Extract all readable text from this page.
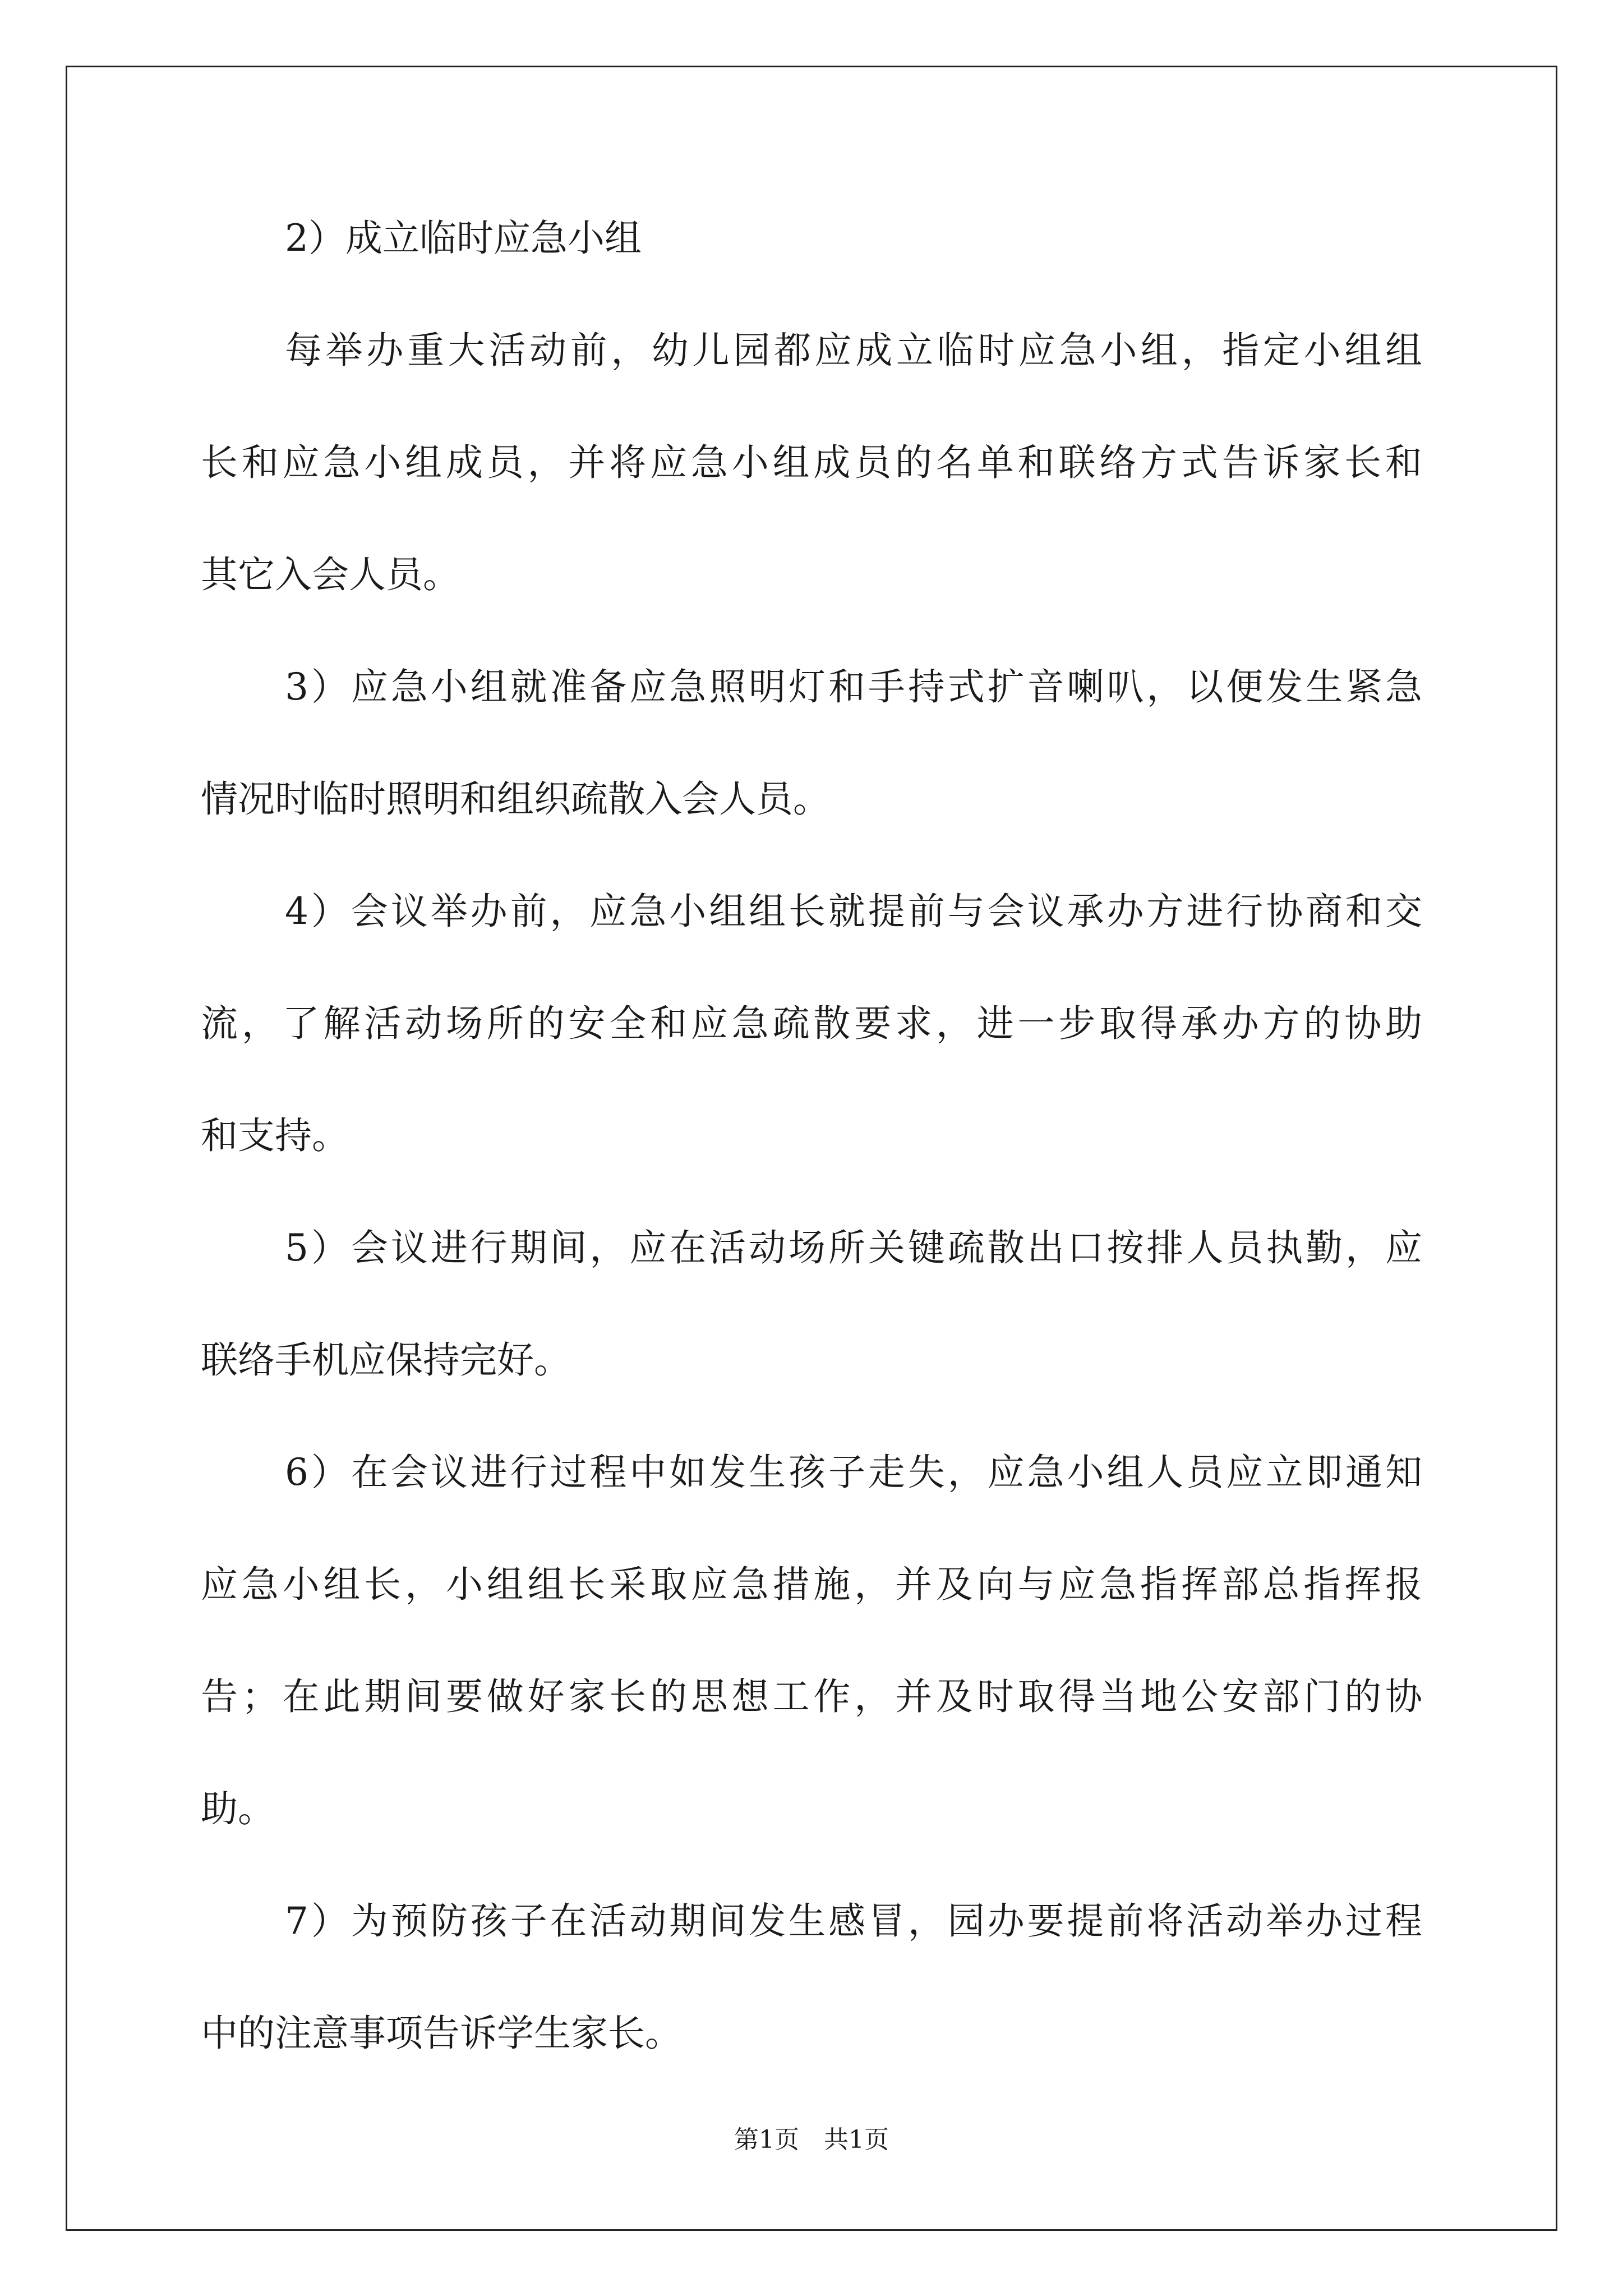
2）成立临时应急小组
每举办重大活动前，幼儿园都应成立临时应急小组，指定小组组
长和应急小组成员，并将应急小组成员的名单和联络方式告诉家长和
其它入会人员。
3）应急小组就准备应急照明灯和手持式扩音喇叭，以便发生紧急
情况时临时照明和组织疏散入会人员。
4）会议举办前，应急小组组长就提前与会议承办方进行协商和交
流，了解活动场所的安全和应急疏散要求，进一步取得承办方的协助
和支持。
5）会议进行期间，应在活动场所关键疏散出口按排人员执勤，应
联络手机应保持完好。
6）在会议进行过程中如发生孩子走失，应急小组人员应立即通知
应急小组长，小组组长采取应急措施，并及向与应急指挥部总指挥报
告；在此期间要做好家长的思想工作，并及时取得当地公安部门的协
助。
7）为预防孩子在活动期间发生感冒，园办要提前将活动举办过程
中的注意事项告诉学生家长。
第1页　共1页
